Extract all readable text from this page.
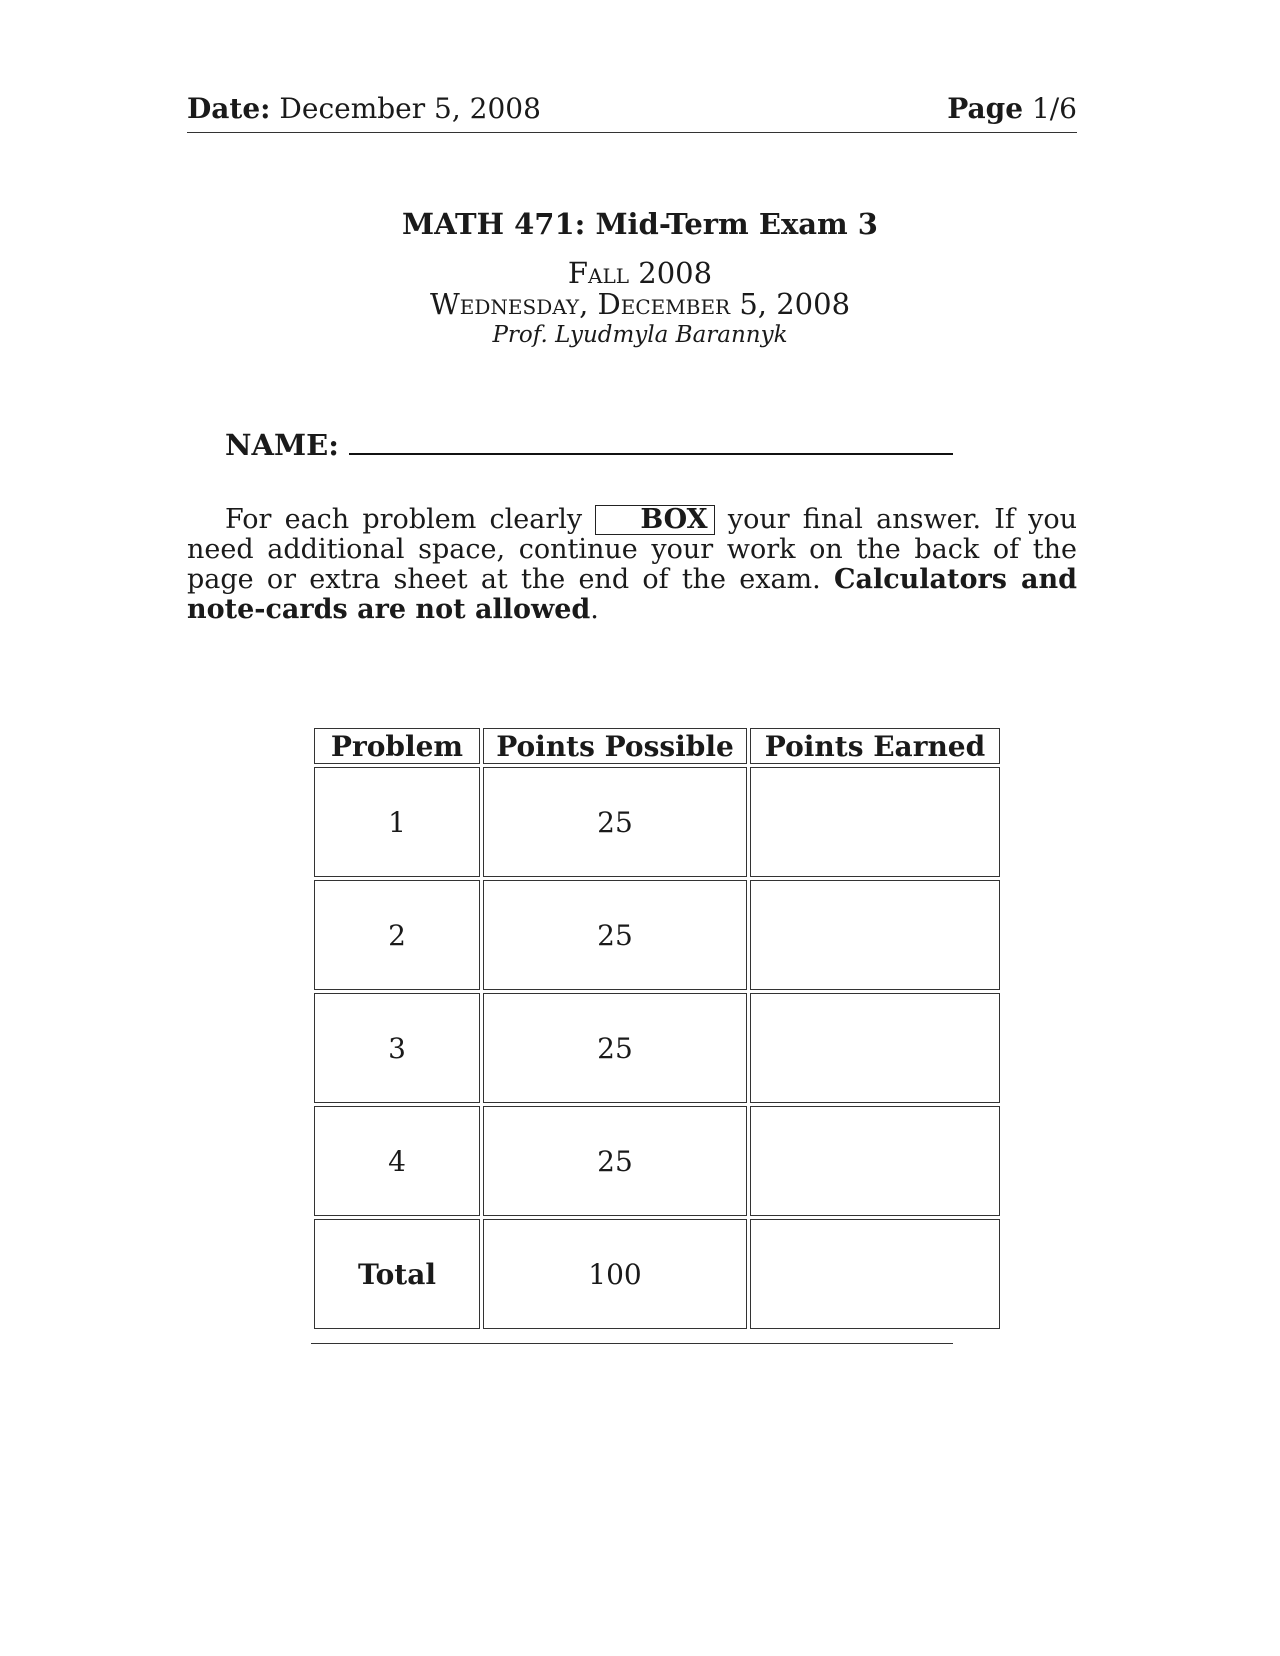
Date: December 5, 2008	Page 1/6
MATH 471: Mid-Term Exam 3
Fall 2008
Wednesday, December 5, 2008
Prof. Lyudmyla Barannyk
NAME:
For each problem clearly BOX your final answer. If you need additional space, continue your work on the back of the page or extra sheet at the end of the exam. Calculators and note-cards are not allowed.
Problem	Points Possible	Points Earned
1	25	
2	25	
3	25	
4	25	
Total	100	
